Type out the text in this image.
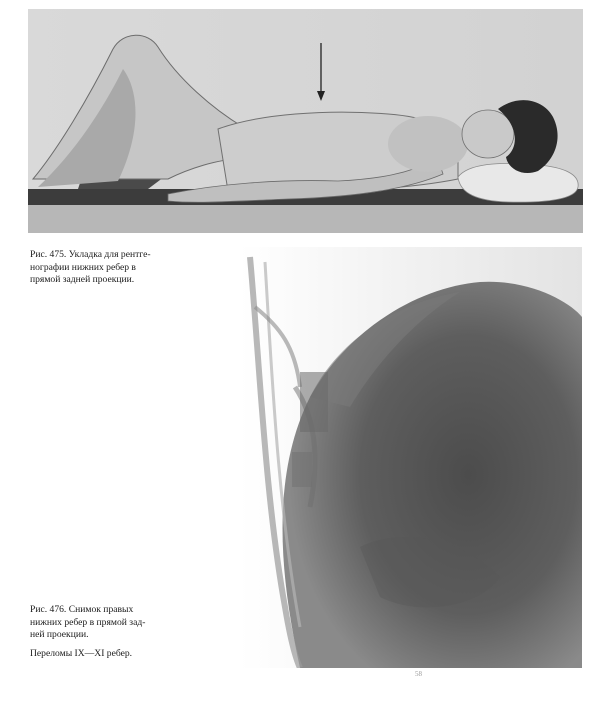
Рис. 475. Укладка для рентге-

нографии нижних ребер в

прямой задней проекции.

Рис. 476. Снимок правых

нижних ребер в прямой зад-

ней проекции.

Переломы IX—XI ребер.

58
